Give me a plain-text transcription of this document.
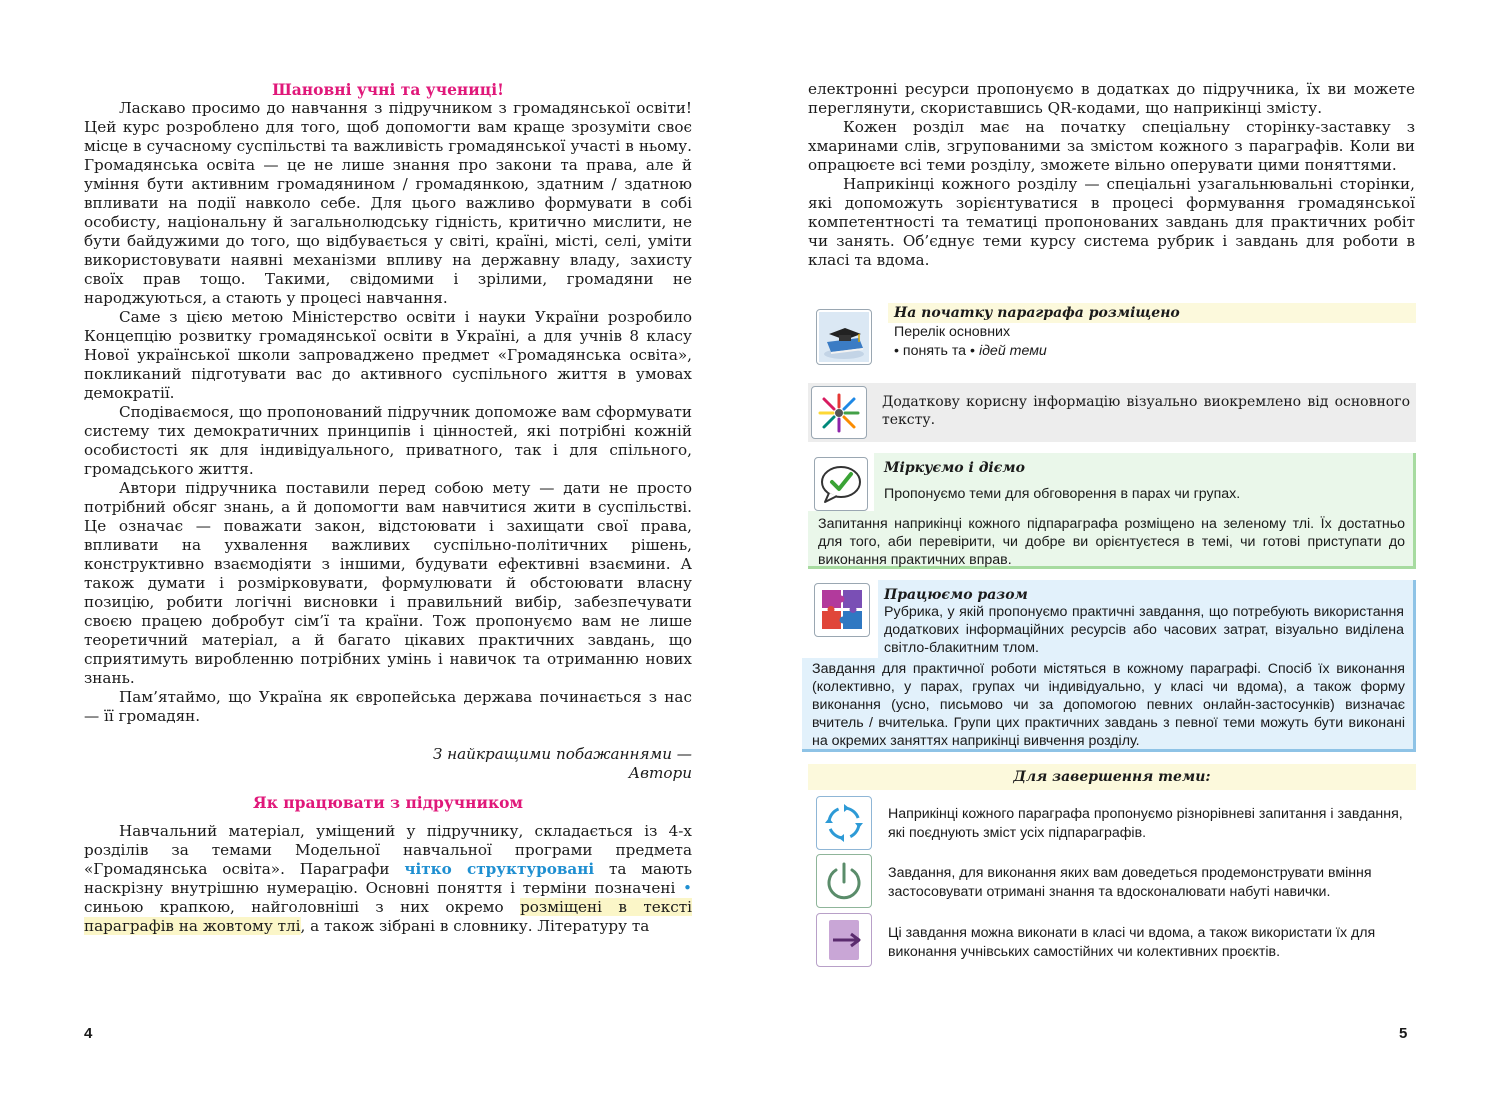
Шановні учні та учениці!

Ласкаво просимо до навчання з підручником з громадянської освіти! Цей курс розроблено для того, щоб допомогти вам краще зрозуміти своє місце в сучасному суспільстві та важливість громадянської участі в ньому. Громадянська освіта — це не лише знання про закони та права, але й уміння бути активним громадянином / громадянкою, здатним / здатною впливати на події навколо себе. Для цього важливо формувати в собі особисту, національну й загальнолюдську гідність, критично мислити, не бути байдужими до того, що відбувається у світі, країні, місті, селі, уміти використовувати наявні механізми впливу на державну владу, захисту своїх прав тощо. Такими, свідомими і зрілими, громадяни не народжуються, а стають у процесі навчання.

Саме з цією метою Міністерство освіти і науки України розробило Концепцію розвитку громадянської освіти в Україні, а для учнів 8 класу Нової української школи запроваджено предмет «Громадянська освіта», покликаний підготувати вас до активного суспільного життя в умовах демократії.

Сподіваємося, що пропонований підручник допоможе вам сформувати систему тих демократичних принципів і цінностей, які потрібні кожній особистості як для індивідуального, приватного, так і для спільного, громадського життя.

Автори підручника поставили перед собою мету — дати не просто потрібний обсяг знань, а й допомогти вам навчитися жити в суспільстві. Це означає — поважати закон, відстоювати і захищати свої права, впливати на ухвалення важливих суспільно-політичних рішень, конструктивно взаємодіяти з іншими, будувати ефективні взаємини. А також думати і розмірковувати, формулювати й обстоювати власну позицію, робити логічні висновки і правильний вибір, забезпечувати своєю працею добробут сім’ї та країни. Тож пропонуємо вам не лише теоретичний матеріал, а й багато цікавих практичних завдань, що сприятимуть виробленню потрібних умінь і навичок та отриманню нових знань.

Пам’ятаймо, що Україна як європейська держава починається з нас — її громадян.

З найкращими побажаннями —
Автори
Як працювати з підручником

Навчальний матеріал, уміщений у підручнику, складається із 4-х розділів за темами Модельної навчальної програми предмета «Громадянська освіта». Параграфи чітко структуровані та мають наскрізну внутрішню нумерацію. Основні поняття і терміни позначені • синьою крапкою, найголовніші з них окремо розміщені в тексті параграфів на жовтому тлі, а також зібрані в словнику. Літературу та

4

електронні ресурси пропонуємо в додатках до підручника, їх ви можете переглянути, скориставшись QR-кодами, що наприкінці змісту.

Кожен розділ має на початку спеціальну сторінку-заставку з хмаринами слів, згрупованими за змістом кожного з параграфів. Коли ви опрацюєте всі теми розділу, зможете вільно оперувати цими поняттями.

Наприкінці кожного розділу — спеціальні узагальнювальні сторінки, які допоможуть зорієнтуватися в процесі формування громадянської компетентності та тематиці пропонованих завдань для практичних робіт чи занять. Об’єднує теми курсу система рубрик і завдань для роботи в класі та вдома.

На початку параграфа розміщено
Перелік основних
• понять та • ідей теми
Додаткову корисну інформацію візуально виокремлено від основного тексту.
Міркуємо і діємо
Пропонуємо теми для обговорення в парах чи групах.
Запитання наприкінці кожного підпараграфа розміщено на зеленому тлі. Їх достатньо для того, аби перевірити, чи добре ви орієнтуєтеся в темі, чи готові приступати до виконання практичних вправ.
Працюємо разом
Рубрика, у якій пропонуємо практичні завдання, що потребують використання додаткових інформаційних ресурсів або часових затрат, візуально виділена світло-блакитним тлом.
Завдання для практичної роботи містяться в кожному параграфі. Спосіб їх виконання (колективно, у парах, групах чи індивідуально, у класі чи вдома), а також форму виконання (усно, письмово чи за допомогою певних онлайн-застосунків) визначає вчитель / вчителька. Групи цих практичних завдань з певної теми можуть бути виконані на окремих заняттях наприкінці вивчення розділу.
Для завершення теми:
Наприкінці кожного параграфа пропонуємо різнорівневі запитання і завдання, які поєднують зміст усіх підпараграфів.
Завдання, для виконання яких вам доведеться продемонструвати вміння застосовувати отримані знання та вдосконалювати набуті навички.
Ці завдання можна виконати в класі чи вдома, а також використати їх для виконання учнівських самостійних чи колективних проєктів.
5
